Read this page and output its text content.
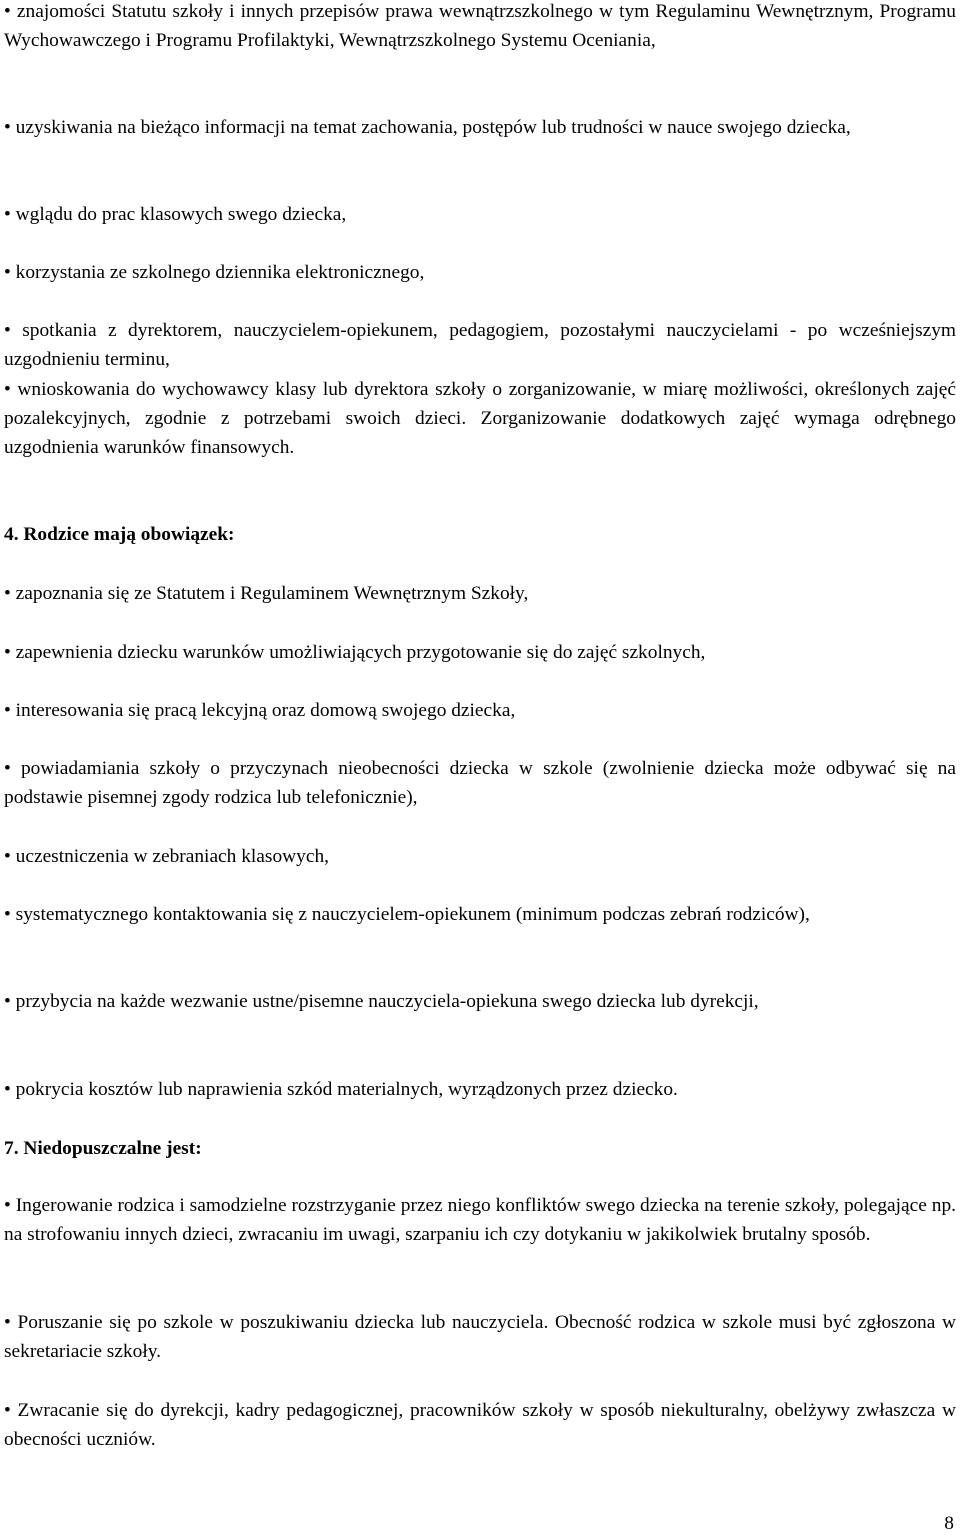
• znajomości Statutu szkoły i innych przepisów prawa wewnątrzszkolnego w tym Regulaminu Wewnętrznym, Programu Wychowawczego i Programu Profilaktyki, Wewnątrzszkolnego Systemu Oceniania,

• uzyskiwania na bieżąco informacji na temat zachowania, postępów lub trudności w nauce swojego dziecka,

• wglądu do prac klasowych swego dziecka,

• korzystania ze szkolnego dziennika elektronicznego,

• spotkania z dyrektorem, nauczycielem-opiekunem, pedagogiem, pozostałymi nauczycielami - po wcześniejszym uzgodnieniu terminu,

• wnioskowania do wychowawcy klasy lub dyrektora szkoły o zorganizowanie, w miarę możliwości, określonych zajęć pozalekcyjnych, zgodnie z potrzebami swoich dzieci. Zorganizowanie dodatkowych zajęć wymaga odrębnego uzgodnienia warunków finansowych.

4. Rodzice mają obowiązek:

• zapoznania się ze Statutem i Regulaminem Wewnętrznym Szkoły,

• zapewnienia dziecku warunków umożliwiających przygotowanie się do zajęć szkolnych,

• interesowania się pracą lekcyjną oraz domową swojego dziecka,

• powiadamiania szkoły o przyczynach nieobecności dziecka w szkole (zwolnienie dziecka może odbywać się na podstawie pisemnej zgody rodzica lub telefonicznie),

• uczestniczenia w zebraniach klasowych,

• systematycznego kontaktowania się z nauczycielem-opiekunem (minimum podczas zebrań rodziców),

• przybycia na każde wezwanie ustne/pisemne nauczyciela-opiekuna swego dziecka lub dyrekcji,

• pokrycia kosztów lub naprawienia szkód materialnych, wyrządzonych przez dziecko.

7. Niedopuszczalne jest:

• Ingerowanie rodzica i samodzielne rozstrzyganie przez niego konfliktów swego dziecka na terenie szkoły, polegające np. na strofowaniu innych dzieci, zwracaniu im uwagi, szarpaniu ich czy dotykaniu w jakikolwiek brutalny sposób.

• Poruszanie się po szkole w poszukiwaniu dziecka lub nauczyciela. Obecność rodzica w szkole musi być zgłoszona w sekretariacie szkoły.

• Zwracanie się do dyrekcji, kadry pedagogicznej, pracowników szkoły w sposób niekulturalny, obelżywy zwłaszcza w obecności uczniów.

8
